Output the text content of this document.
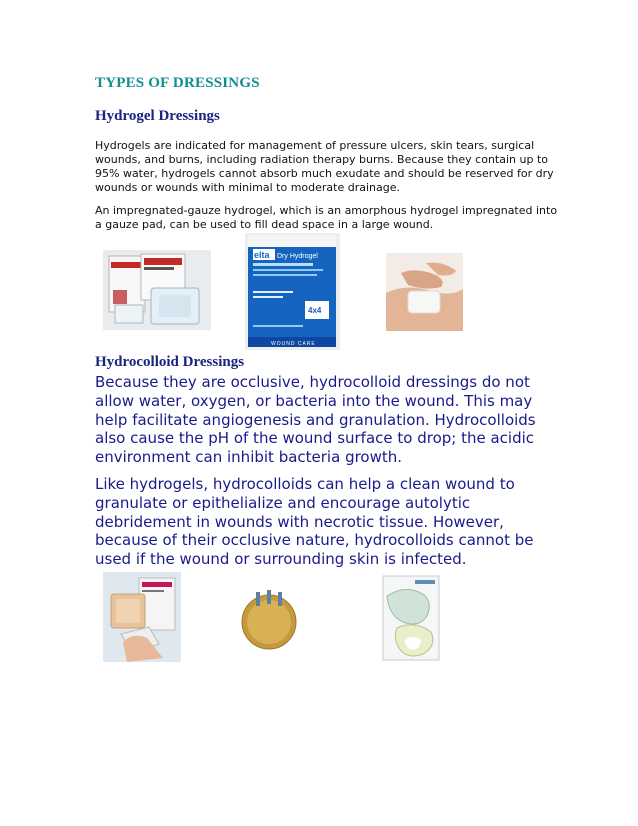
TYPES OF DRESSINGS
Hydrogel Dressings

Hydrogels are indicated for management of pressure ulcers, skin tears, surgical wounds, and burns, including radiation therapy burns. Because they contain up to 95% water, hydrogels cannot absorb much exudate and should be reserved for dry wounds or wounds with minimal to moderate drainage.

An impregnated-gauze hydrogel, which is an amorphous hydrogel impregnated into a gauze pad, can be used to fill dead space in a large wound.

elta Dry Hydrogel
4x4
WOUND CARE
Hydrocolloid Dressings

Because they are occlusive, hydrocolloid dressings do not allow water, oxygen, or bacteria into the wound. This may help facilitate angiogenesis and granulation. Hydrocolloids also cause the pH of the wound surface to drop; the acidic environment can inhibit bacteria growth.

Like hydrogels, hydrocolloids can help a clean wound to granulate or epithelialize and encourage autolytic debridement in wounds with necrotic tissue. However, because of their occlusive nature, hydrocolloids cannot be used if the wound or surrounding skin is infected.
